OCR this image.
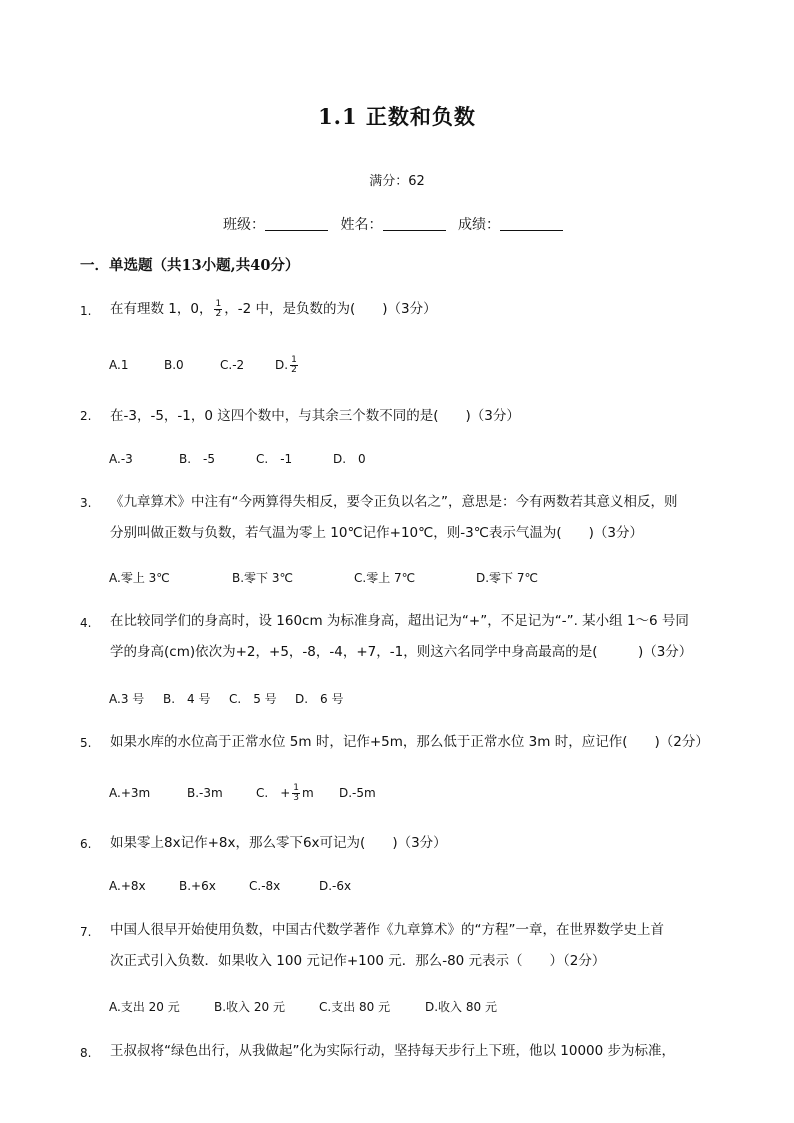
1.1 正数和负数
满分：62
班级：	姓名：	成绩：
一．单选题（共13小题,共40分）
1. 在有理数 1，0， $\frac{1}{2}$ ，-2 中，是负数的为(　　)（3分）
A.1	B.0	C.-2	D. $\frac{1}{2}$
2. 在-3，-5，-1，0 这四个数中，与其余三个数不同的是(　　)（3分）
A.-3	B.　-5	C.　-1	D.　0
3. 《九章算术》中注有“今两算得失相反，要令正负以名之”，意思是：今有两数若其意义相反，则
分别叫做正数与负数，若气温为零上 10℃记作+10℃，则-3℃表示气温为(　　)（3分）
A.零上 3℃	B.零下 3℃	C.零上 7℃	D.零下 7℃
4. 在比较同学们的身高时，设 160cm 为标准身高，超出记为“+”，不足记为“-”. 某小组 1～6 号同
学的身高(cm)依次为+2，+5，-8，-4，+7，-1，则这六名同学中身高最高的是(　　　)（3分）
A.3 号 B.　4 号 C.　5 号 D.　6 号
5. 如果水库的水位高于正常水位 5m 时，记作+5m，那么低于正常水位 3m 时，应记作(　　)（2分）
A.+3m	B.-3m	C.　+ $\frac{1}{3}$ m D.-5m
6. 如果零上8x记作+8x，那么零下6x可记为(　　)（3分）
A.+8x	B.+6x	C.-8x	D.-6x
7. 中国人很早开始使用负数，中国古代数学著作《九章算术》的“方程”一章，在世界数学史上首
次正式引入负数．如果收入 100 元记作+100 元．那么-80 元表示（　　）（2分）
A.支出 20 元	B.收入 20 元	C.支出 80 元	D.收入 80 元
8. 王叔叔将“绿色出行，从我做起”化为实际行动，坚持每天步行上下班，他以 10000 步为标准，
